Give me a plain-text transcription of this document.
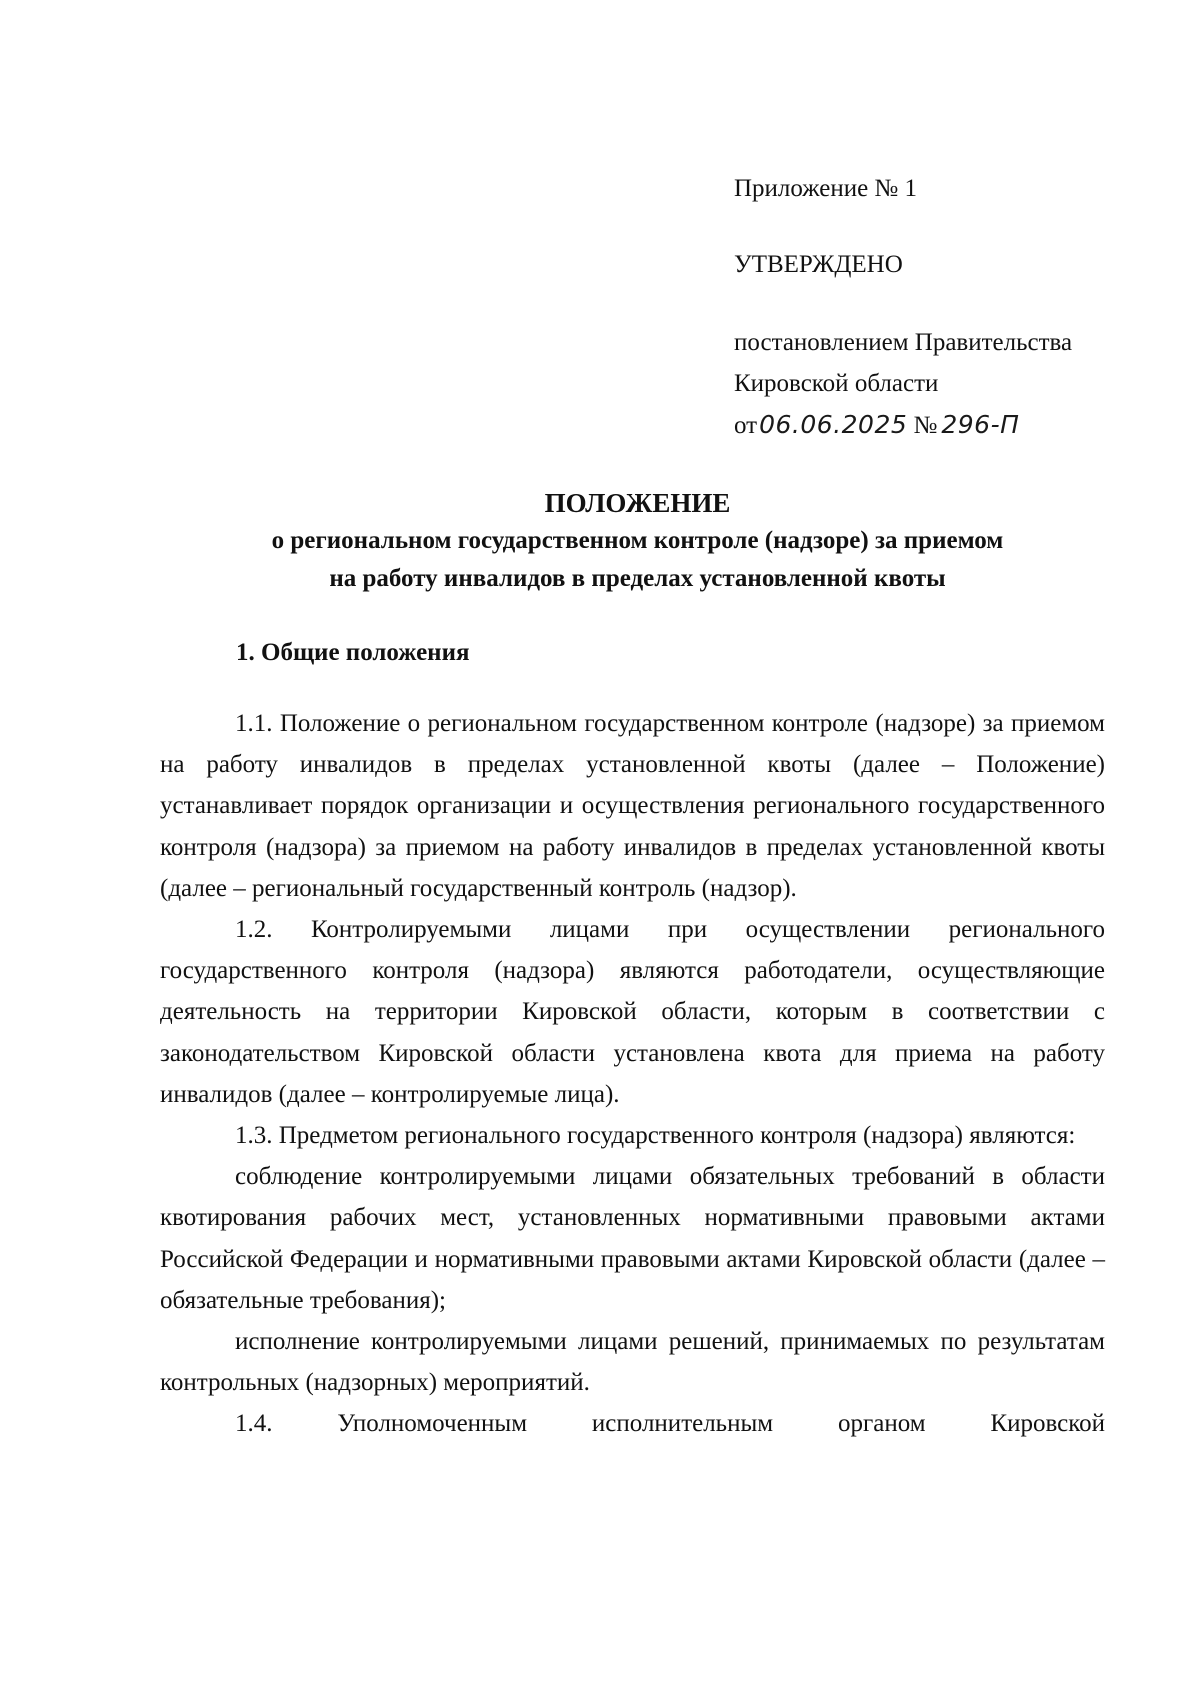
Приложение № 1
УТВЕРЖДЕНО
постановлением Правительства
Кировской области
от06.06.2025 № 296-П
ПОЛОЖЕНИЕ
о региональном государственном контроле (надзоре) за приемом
на работу инвалидов в пределах установленной квоты
1. Общие положения

1.1. Положение о региональном государственном контроле (надзоре) за приемом на работу инвалидов в пределах установленной квоты (далее – Положение) устанавливает порядок организации и осуществления регионального государственного контроля (надзора) за приемом на работу инвалидов в пределах установленной квоты (далее – региональный государственный контроль (надзор).

1.2. Контролируемыми лицами при осуществлении регионального государственного контроля (надзора) являются работодатели, осуществляющие деятельность на территории Кировской области, которым в соответствии с законодательством Кировской области установлена квота для приема на работу инвалидов (далее – контролируемые лица).

1.3. Предметом регионального государственного контроля (надзора) являются:

соблюдение контролируемыми лицами обязательных требований в области квотирования рабочих мест, установленных нормативными правовыми актами Российской Федерации и нормативными правовыми актами Кировской области (далее – обязательные требования);

исполнение контролируемыми лицами решений, принимаемых по результатам контрольных (надзорных) мероприятий.

1.4. Уполномоченным исполнительным органом Кировской
